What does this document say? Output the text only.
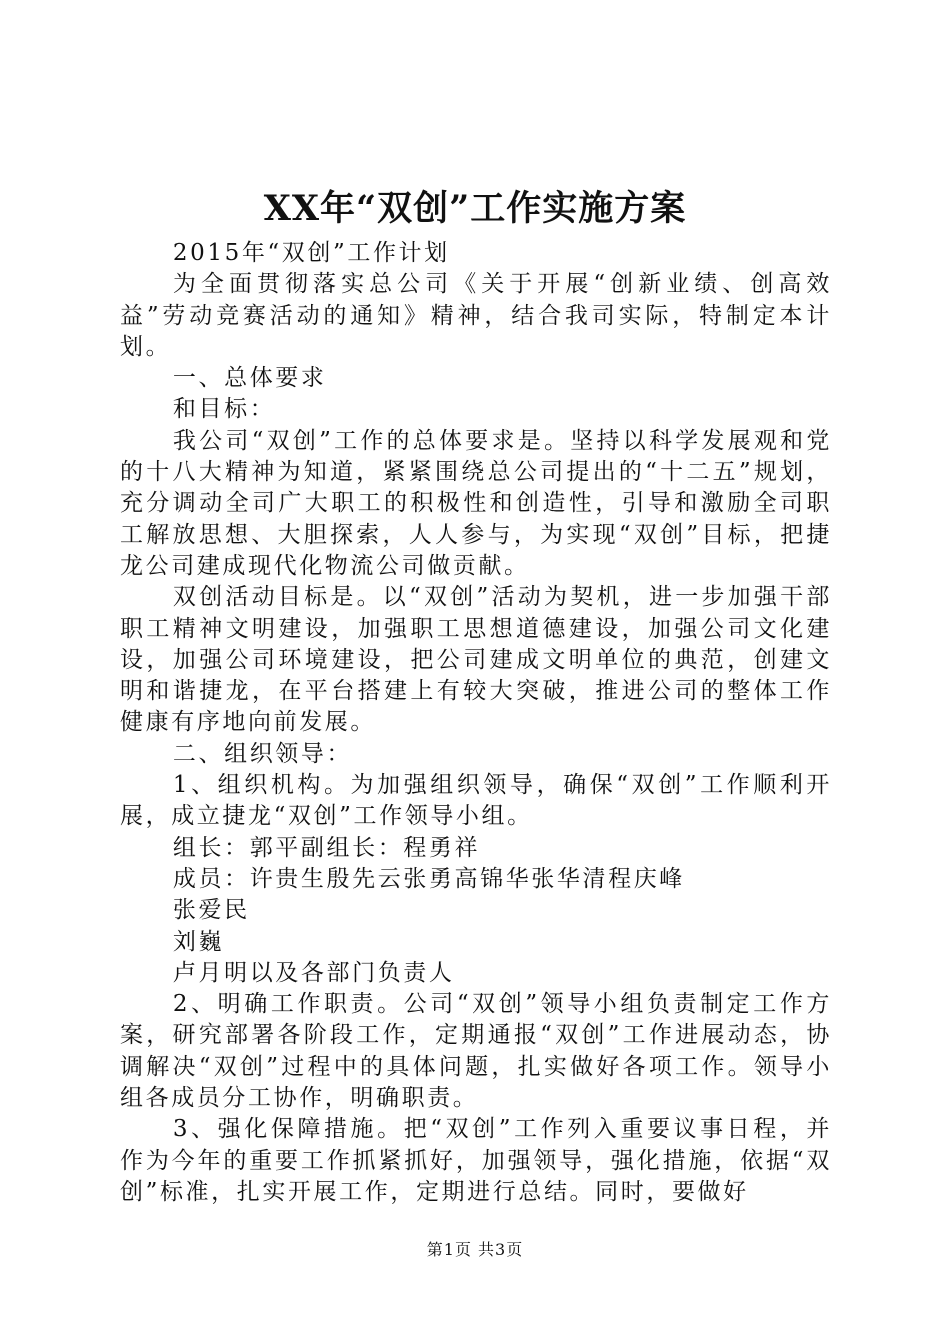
XX年“双创”工作实施方案

2015年“双创”工作计划

为全面贯彻落实总公司《关于开展“创新业绩、创高效益”劳动竞赛活动的通知》精神，结合我司实际，特制定本计划。

一、总体要求

和目标：

我公司“双创”工作的总体要求是。坚持以科学发展观和党的十八大精神为知道，紧紧围绕总公司提出的“十二五”规划，充分调动全司广大职工的积极性和创造性，引导和激励全司职工解放思想、大胆探索，人人参与，为实现“双创”目标，把捷龙公司建成现代化物流公司做贡献。

双创活动目标是。以“双创”活动为契机，进一步加强干部职工精神文明建设，加强职工思想道德建设，加强公司文化建设，加强公司环境建设，把公司建成文明单位的典范，创建文明和谐捷龙，在平台搭建上有较大突破，推进公司的整体工作健康有序地向前发展。

二、组织领导：

1、组织机构。为加强组织领导，确保“双创”工作顺利开展，成立捷龙“双创”工作领导小组。

组长：郭平副组长：程勇祥

成员：许贵生殷先云张勇高锦华张华清程庆峰

张爱民

刘巍

卢月明以及各部门负责人

2、明确工作职责。公司“双创”领导小组负责制定工作方案，研究部署各阶段工作，定期通报“双创”工作进展动态，协调解决“双创”过程中的具体问题，扎实做好各项工作。领导小组各成员分工协作，明确职责。

3、强化保障措施。把“双创”工作列入重要议事日程，并作为今年的重要工作抓紧抓好，加强领导，强化措施，依据“双创”标准，扎实开展工作，定期进行总结。同时，要做好

第1页 共3页
